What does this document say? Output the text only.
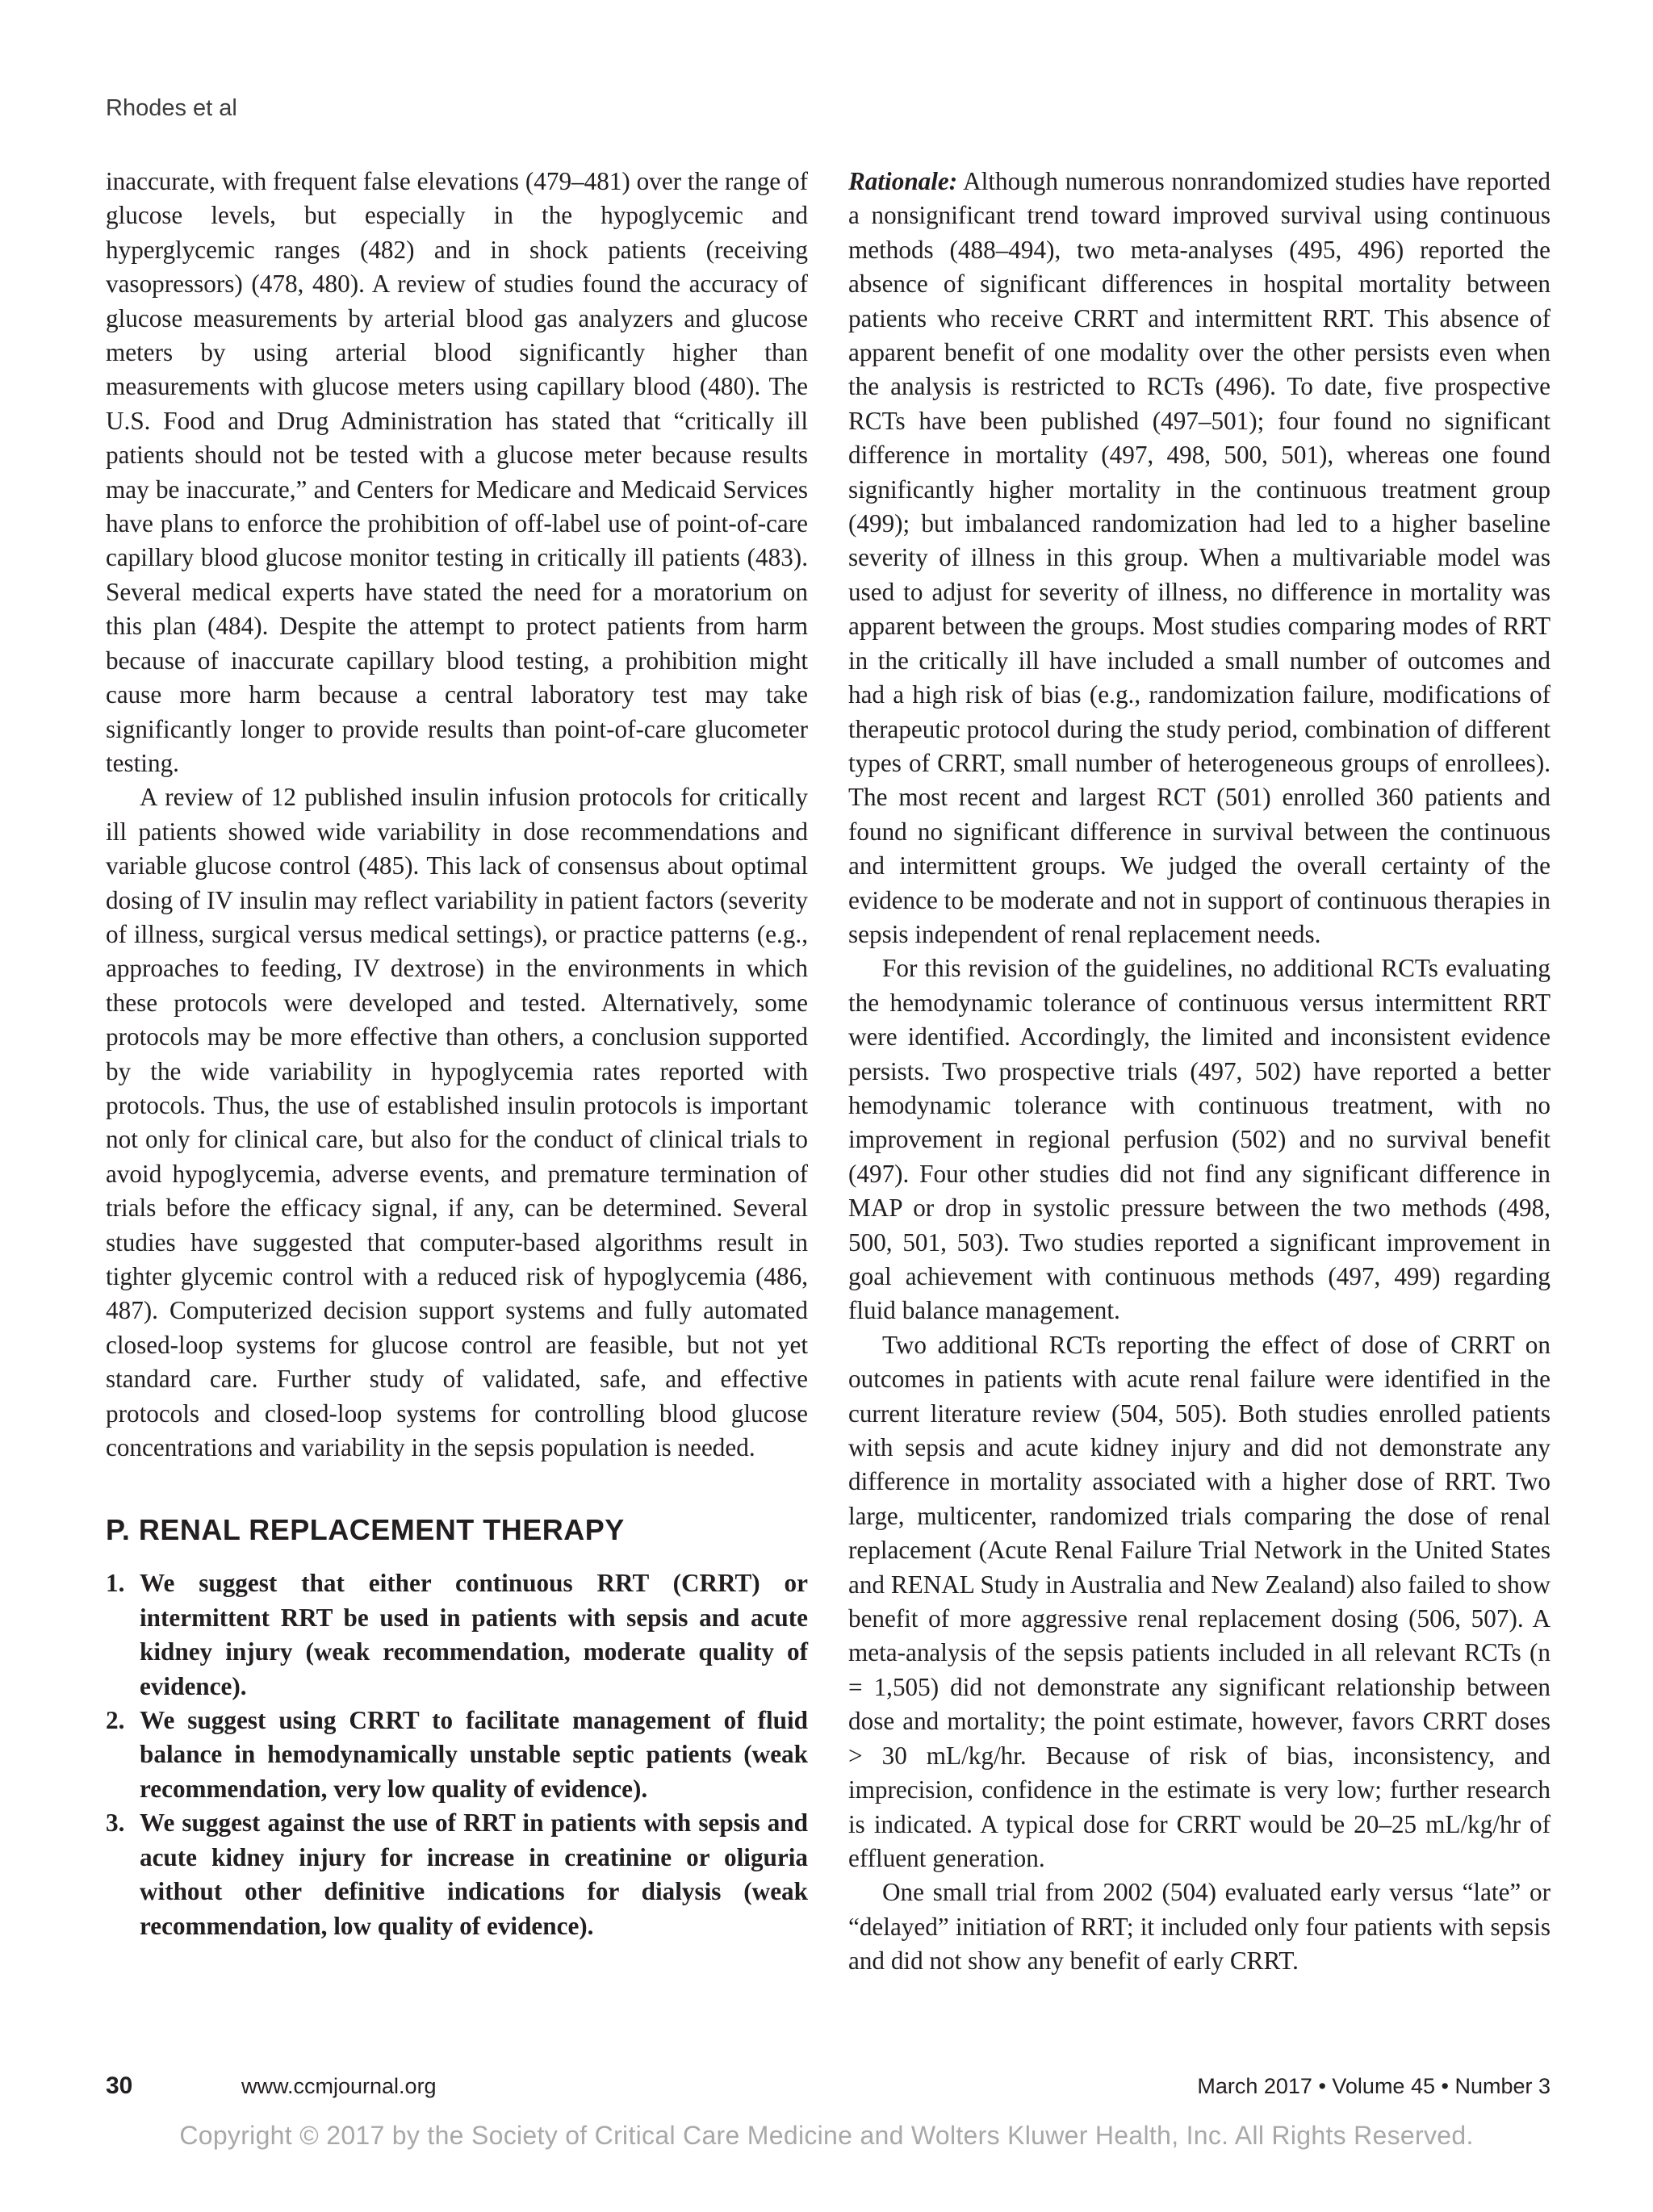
Rhodes et al

inaccurate, with frequent false elevations (479–481) over the range of glucose levels, but especially in the hypoglycemic and hyperglycemic ranges (482) and in shock patients (receiving vasopressors) (478, 480). A review of studies found the accuracy of glucose measurements by arterial blood gas analyzers and glucose meters by using arterial blood significantly higher than measurements with glucose meters using capillary blood (480). The U.S. Food and Drug Administration has stated that “critically ill patients should not be tested with a glucose meter because results may be inaccurate,” and Centers for Medicare and Medicaid Services have plans to enforce the prohibition of off-label use of point-of-care capillary blood glucose monitor testing in critically ill patients (483). Several medical experts have stated the need for a moratorium on this plan (484). Despite the attempt to protect patients from harm because of inaccurate capillary blood testing, a prohibition might cause more harm because a central laboratory test may take significantly longer to provide results than point-of-care glucometer testing.

A review of 12 published insulin infusion protocols for critically ill patients showed wide variability in dose recommendations and variable glucose control (485). This lack of consensus about optimal dosing of IV insulin may reflect variability in patient factors (severity of illness, surgical versus medical settings), or practice patterns (e.g., approaches to feeding, IV dextrose) in the environments in which these protocols were developed and tested. Alternatively, some protocols may be more effective than others, a conclusion supported by the wide variability in hypoglycemia rates reported with protocols. Thus, the use of established insulin protocols is important not only for clinical care, but also for the conduct of clinical trials to avoid hypoglycemia, adverse events, and premature termination of trials before the efficacy signal, if any, can be determined. Several studies have suggested that computer-based algorithms result in tighter glycemic control with a reduced risk of hypoglycemia (486, 487). Computerized decision support systems and fully automated closed-loop systems for glucose control are feasible, but not yet standard care. Further study of validated, safe, and effective protocols and closed-loop systems for controlling blood glucose concentrations and variability in the sepsis population is needed.

P. RENAL REPLACEMENT THERAPY
1. We suggest that either continuous RRT (CRRT) or intermittent RRT be used in patients with sepsis and acute kidney injury (weak recommendation, moderate quality of evidence).
2. We suggest using CRRT to facilitate management of fluid balance in hemodynamically unstable septic patients (weak recommendation, very low quality of evidence).
3. We suggest against the use of RRT in patients with sepsis and acute kidney injury for increase in creatinine or oliguria without other definitive indications for dialysis (weak recommendation, low quality of evidence).

Rationale: Although numerous nonrandomized studies have reported a nonsignificant trend toward improved survival using continuous methods (488–494), two meta-analyses (495, 496) reported the absence of significant differences in hospital mortality between patients who receive CRRT and intermittent RRT. This absence of apparent benefit of one modality over the other persists even when the analysis is restricted to RCTs (496). To date, five prospective RCTs have been published (497–501); four found no significant difference in mortality (497, 498, 500, 501), whereas one found significantly higher mortality in the continuous treatment group (499); but imbalanced randomization had led to a higher baseline severity of illness in this group. When a multivariable model was used to adjust for severity of illness, no difference in mortality was apparent between the groups. Most studies comparing modes of RRT in the critically ill have included a small number of outcomes and had a high risk of bias (e.g., randomization failure, modifications of therapeutic protocol during the study period, combination of different types of CRRT, small number of heterogeneous groups of enrollees). The most recent and largest RCT (501) enrolled 360 patients and found no significant difference in survival between the continuous and intermittent groups. We judged the overall certainty of the evidence to be moderate and not in support of continuous therapies in sepsis independent of renal replacement needs.

For this revision of the guidelines, no additional RCTs evaluating the hemodynamic tolerance of continuous versus intermittent RRT were identified. Accordingly, the limited and inconsistent evidence persists. Two prospective trials (497, 502) have reported a better hemodynamic tolerance with continuous treatment, with no improvement in regional perfusion (502) and no survival benefit (497). Four other studies did not find any significant difference in MAP or drop in systolic pressure between the two methods (498, 500, 501, 503). Two studies reported a significant improvement in goal achievement with continuous methods (497, 499) regarding fluid balance management.

Two additional RCTs reporting the effect of dose of CRRT on outcomes in patients with acute renal failure were identified in the current literature review (504, 505). Both studies enrolled patients with sepsis and acute kidney injury and did not demonstrate any difference in mortality associated with a higher dose of RRT. Two large, multicenter, randomized trials comparing the dose of renal replacement (Acute Renal Failure Trial Network in the United States and RENAL Study in Australia and New Zealand) also failed to show benefit of more aggressive renal replacement dosing (506, 507). A meta-analysis of the sepsis patients included in all relevant RCTs (n = 1,505) did not demonstrate any significant relationship between dose and mortality; the point estimate, however, favors CRRT doses > 30 mL/kg/hr. Because of risk of bias, inconsistency, and imprecision, confidence in the estimate is very low; further research is indicated. A typical dose for CRRT would be 20–25 mL/kg/hr of effluent generation.

One small trial from 2002 (504) evaluated early versus “late” or “delayed” initiation of RRT; it included only four patients with sepsis and did not show any benefit of early CRRT.

30	www.ccmjournal.org	March 2017 • Volume 45 • Number 3
Copyright © 2017 by the Society of Critical Care Medicine and Wolters Kluwer Health, Inc. All Rights Reserved.
